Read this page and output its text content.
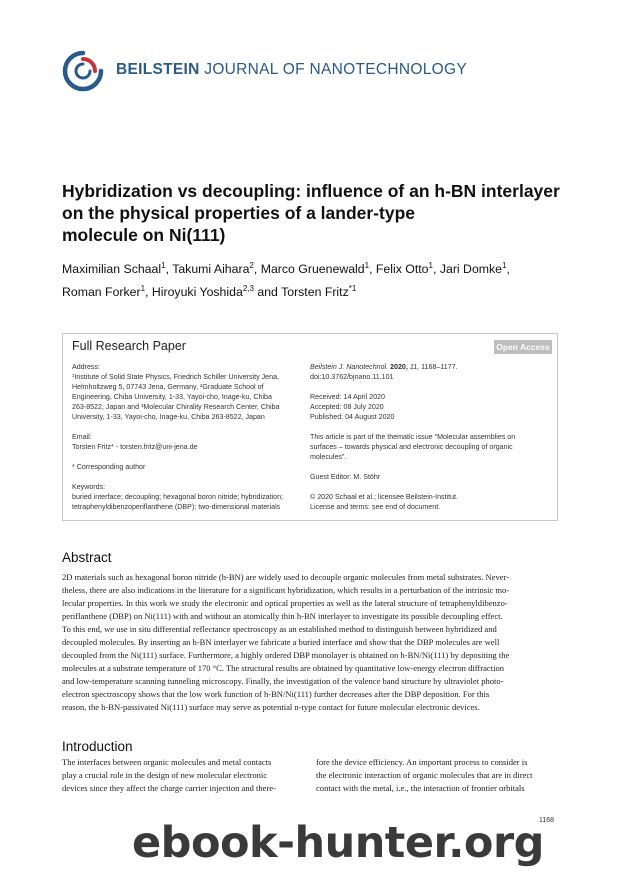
BEILSTEIN JOURNAL OF NANOTECHNOLOGY
Hybridization vs decoupling: influence of an h-BN interlayer
on the physical properties of a lander-type
molecule on Ni(111)
Maximilian Schaal$^1$, Takumi Aihara$^2$, Marco Gruenewald$^1$, Felix Otto$^1$, Jari Domke$^1$,
Roman Forker$^1$, Hiroyuki Yoshida$^{2,3}$ and Torsten Fritz$^{*1}$
Full Research Paper	Open Access
Address:
¹Institute of Solid State Physics, Friedrich Schiller University Jena,
Helmholtzweg 5, 07743 Jena, Germany, ²Graduate School of
Engineering, Chiba University, 1-33, Yayoi-cho, Inage-ku, Chiba
263-8522, Japan and ³Molecular Chirality Research Center, Chiba
University, 1-33, Yayoi-cho, Inage-ku, Chiba 263-8522, Japan
Email:
Torsten Fritz* - torsten.fritz@uni-jena.de
* Corresponding author
Keywords:
buried interface; decoupling; hexagonal boron nitride; hybridization;
tetraphenyldibenzoperiflanthene (DBP); two-dimensional materials
Beilstein J. Nanotechnol. 2020, 11, 1168–1177.
doi:10.3762/bjnano.11.101
Received: 14 April 2020
Accepted: 08 July 2020
Published: 04 August 2020
This article is part of the thematic issue "Molecular assemblies on
surfaces – towards physical and electronic decoupling of organic
molecules".
Guest Editor: M. Stöhr
© 2020 Schaal et al.; licensee Beilstein-Institut.
License and terms: see end of document.
Abstract
2D materials such as hexagonal boron nitride (h-BN) are widely used to decouple organic molecules from metal substrates. Never-
theless, there are also indications in the literature for a significant hybridization, which results in a perturbation of the intrinsic mo-
lecular properties. In this work we study the electronic and optical properties as well as the lateral structure of tetraphenyldibenzo-
periflanthene (DBP) on Ni(111) with and without an atomically thin h-BN interlayer to investigate its possible decoupling effect.
To this end, we use in situ differential reflectance spectroscopy as an established method to distinguish between hybridized and
decoupled molecules. By inserting an h-BN interlayer we fabricate a buried interface and show that the DBP molecules are well
decoupled from the Ni(111) surface. Furthermore, a highly ordered DBP monolayer is obtained on h-BN/Ni(111) by depositing the
molecules at a substrate temperature of 170 °C. The structural results are obtained by quantitative low-energy electron diffraction
and low-temperature scanning tunneling microscopy. Finally, the investigation of the valence band structure by ultraviolet photo-
electron spectroscopy shows that the low work function of h-BN/Ni(111) further decreases after the DBP deposition. For this
reason, the h-BN-passivated Ni(111) surface may serve as potential n-type contact for future molecular electronic devices.
Introduction
The interfaces between organic molecules and metal contacts
play a crucial role in the design of new molecular electronic
devices since they affect the charge carrier injection and there-
fore the device efficiency. An important process to consider is
the electronic interaction of organic molecules that are in direct
contact with the metal, i.e., the interaction of frontier orbitals
1168
ebook-hunter.org
